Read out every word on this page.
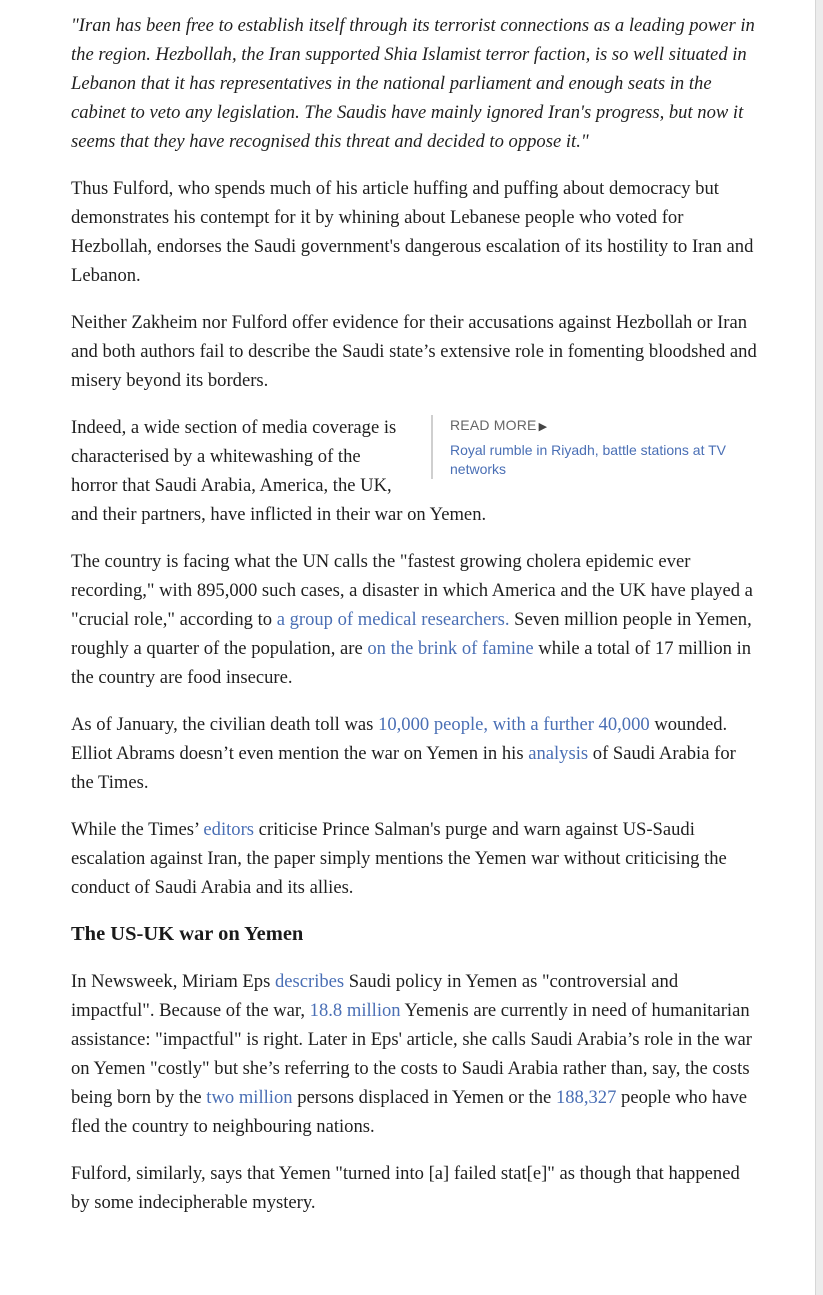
"Iran has been free to establish itself through its terrorist connections as a leading power in the region. Hezbollah, the Iran supported Shia Islamist terror faction, is so well situated in Lebanon that it has representatives in the national parliament and enough seats in the cabinet to veto any legislation. The Saudis have mainly ignored Iran's progress, but now it seems that they have recognised this threat and decided to oppose it."

Thus Fulford, who spends much of his article huffing and puffing about democracy but demonstrates his contempt for it by whining about Lebanese people who voted for Hezbollah, endorses the Saudi government's dangerous escalation of its hostility to Iran and Lebanon.

Neither Zakheim nor Fulford offer evidence for their accusations against Hezbollah or Iran and both authors fail to describe the Saudi state’s extensive role in fomenting bloodshed and misery beyond its borders.

READ MORE ▶
Royal rumble in Riyadh, battle stations at TV networks

Indeed, a wide section of media coverage is characterised by a whitewashing of the horror that Saudi Arabia, America, the UK, and their partners, have inflicted in their war on Yemen.

The country is facing what the UN calls the "fastest growing cholera epidemic ever recording," with 895,000 such cases, a disaster in which America and the UK have played a "crucial role," according to a group of medical researchers. Seven million people in Yemen, roughly a quarter of the population, are on the brink of famine while a total of 17 million in the country are food insecure.

As of January, the civilian death toll was 10,000 people, with a further 40,000 wounded. Elliot Abrams doesn’t even mention the war on Yemen in his analysis of Saudi Arabia for the Times.

While the Times’ editors criticise Prince Salman's purge and warn against US-Saudi escalation against Iran, the paper simply mentions the Yemen war without criticising the conduct of Saudi Arabia and its allies.

The US-UK war on Yemen

In Newsweek, Miriam Eps describes Saudi policy in Yemen as "controversial and impactful". Because of the war, 18.8 million Yemenis are currently in need of humanitarian assistance: "impactful" is right. Later in Eps' article, she calls Saudi Arabia’s role in the war on Yemen "costly" but she’s referring to the costs to Saudi Arabia rather than, say, the costs being born by the two million persons displaced in Yemen or the 188,327 people who have fled the country to neighbouring nations.

Fulford, similarly, says that Yemen "turned into [a] failed stat[e]" as though that happened by some indecipherable mystery.
